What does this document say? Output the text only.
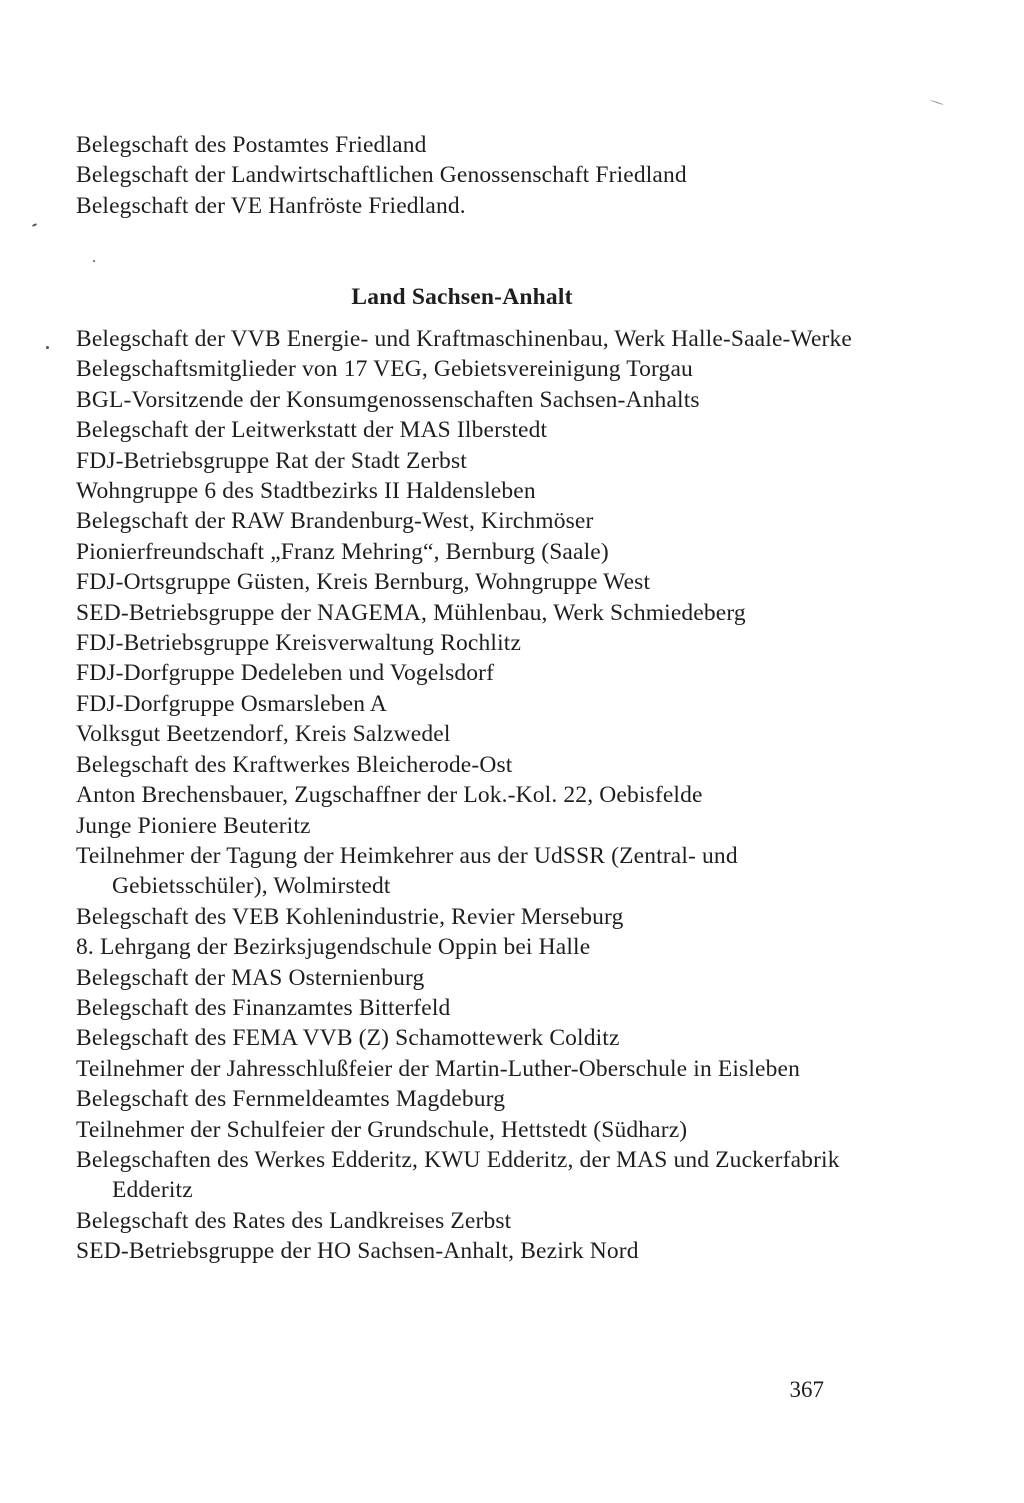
Belegschaft des Postamtes Friedland
Belegschaft der Landwirtschaftlichen Genossenschaft Friedland
Belegschaft der VE Hanfröste Friedland.
Land Sachsen-Anhalt
Belegschaft der VVB Energie- und Kraftmaschinenbau, Werk Halle-Saale-Werke
Belegschaftsmitglieder von 17 VEG, Gebietsvereinigung Torgau
BGL-Vorsitzende der Konsumgenossenschaften Sachsen-Anhalts
Belegschaft der Leitwerkstatt der MAS Ilberstedt
FDJ-Betriebsgruppe Rat der Stadt Zerbst
Wohngruppe 6 des Stadtbezirks II Haldensleben
Belegschaft der RAW Brandenburg-West, Kirchmöser
Pionierfreundschaft „Franz Mehring“, Bernburg (Saale)
FDJ-Ortsgruppe Güsten, Kreis Bernburg, Wohngruppe West
SED-Betriebsgruppe der NAGEMA, Mühlenbau, Werk Schmiedeberg
FDJ-Betriebsgruppe Kreisverwaltung Rochlitz
FDJ-Dorfgruppe Dedeleben und Vogelsdorf
FDJ-Dorfgruppe Osmarsleben A
Volksgut Beetzendorf, Kreis Salzwedel
Belegschaft des Kraftwerkes Bleicherode-Ost
Anton Brechensbauer, Zugschaffner der Lok.-Kol. 22, Oebisfelde
Junge Pioniere Beuteritz
Teilnehmer der Tagung der Heimkehrer aus der UdSSR (Zentral- und Gebietsschüler), Wolmirstedt
Belegschaft des VEB Kohlenindustrie, Revier Merseburg
8. Lehrgang der Bezirksjugendschule Oppin bei Halle
Belegschaft der MAS Osternienburg
Belegschaft des Finanzamtes Bitterfeld
Belegschaft des FEMA VVB (Z) Schamottewerk Colditz
Teilnehmer der Jahresschlußfeier der Martin-Luther-Oberschule in Eisleben
Belegschaft des Fernmeldeamtes Magdeburg
Teilnehmer der Schulfeier der Grundschule, Hettstedt (Südharz)
Belegschaften des Werkes Edderitz, KWU Edderitz, der MAS und Zuckerfabrik Edderitz
Belegschaft des Rates des Landkreises Zerbst
SED-Betriebsgruppe der HO Sachsen-Anhalt, Bezirk Nord
367
